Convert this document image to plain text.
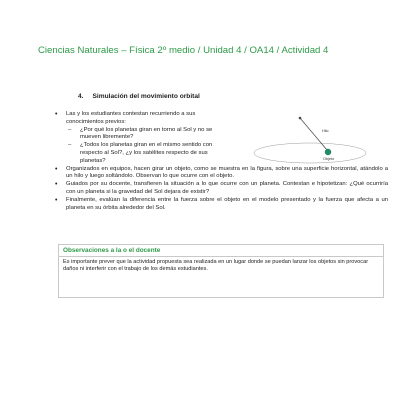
Ciencias Naturales – Física 2º medio / Unidad 4 / OA14 / Actividad 4
4. Simulación del movimiento orbital
• Las y los estudiantes contestan recurriendo a sus conocimientos previos:
– ¿Por qué los planetas giran en torno al Sol y no se mueven libremente?
– ¿Todos los planetas giran en el mismo sentido con respecto al Sol?, ¿y los satélites respecto de sus planetas?
• Organizados en equipos, hacen girar un objeto, como se muestra en la figura, sobre una superficie horizontal, atándolo a un hilo y luego soltándolo. Observan lo que ocurre con el objeto.
• Guiados por su docente, transfieren la situación a lo que ocurre con un planeta. Contestan e hipotetizan: ¿Qué ocurriría con un planeta si la gravedad del Sol dejara de existir?
• Finalmente, evalúan la diferencia entre la fuerza sobre el objeto en el modelo presentado y la fuerza que afecta a un planeta en su órbita alrededor del Sol.
Hilo
Objeto
Observaciones a la o el docente
Es importante prever que la actividad propuesta sea realizada en un lugar donde se puedan lanzar los objetos sin provocar daños ni interferir con el trabajo de los demás estudiantes.
